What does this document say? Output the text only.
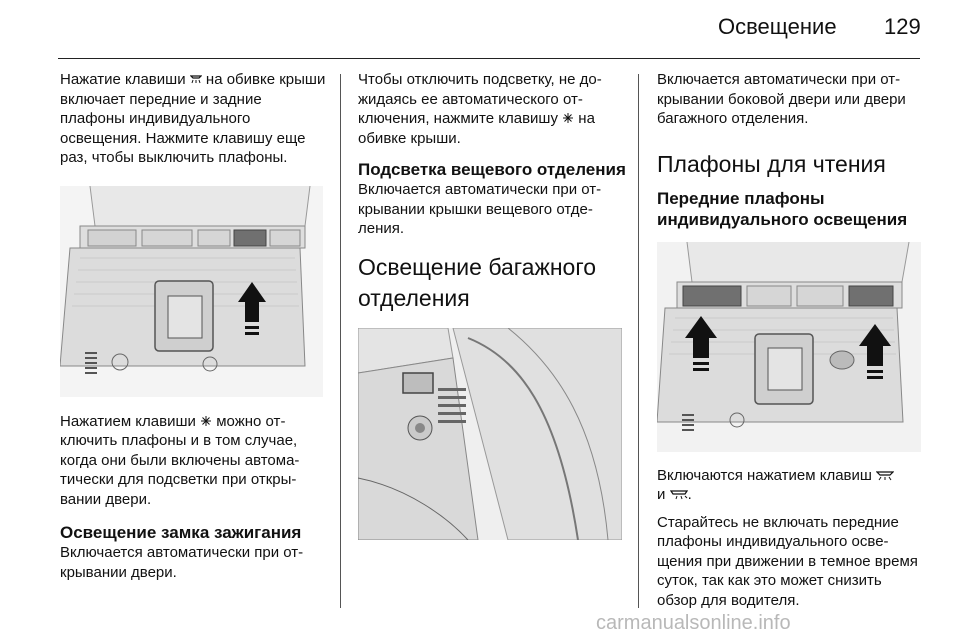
Освещение 129

Нажатие клавиши на обивке крыши включает передние и задние плафоны индивидуального освещения. Нажмите клавишу еще раз, чтобы выключить плафоны.

Нажатием клавиши можно отключить плафоны и в том случае, когда они были включены автоматически для подсветки при открывании двери.

Освещение замка зажигания

Включается автоматически при открывании двери.

Чтобы отключить подсветку, не дожидаясь ее автоматического отключения, нажмите клавишу на обивке крыши.

Подсветка вещевого отделения

Включается автоматически при открывании крышки вещевого отделения.

Освещение багажного отделения

Включается автоматически при открывании боковой двери или двери багажного отделения.

Плафоны для чтения
Передние плафоны индивидуального освещения

Включаются нажатием клавиш
и .

Старайтесь не включать передние плафоны индивидуального освещения при движении в темное время суток, так как это может снизить обзор для водителя.

carmanualsonline.info
